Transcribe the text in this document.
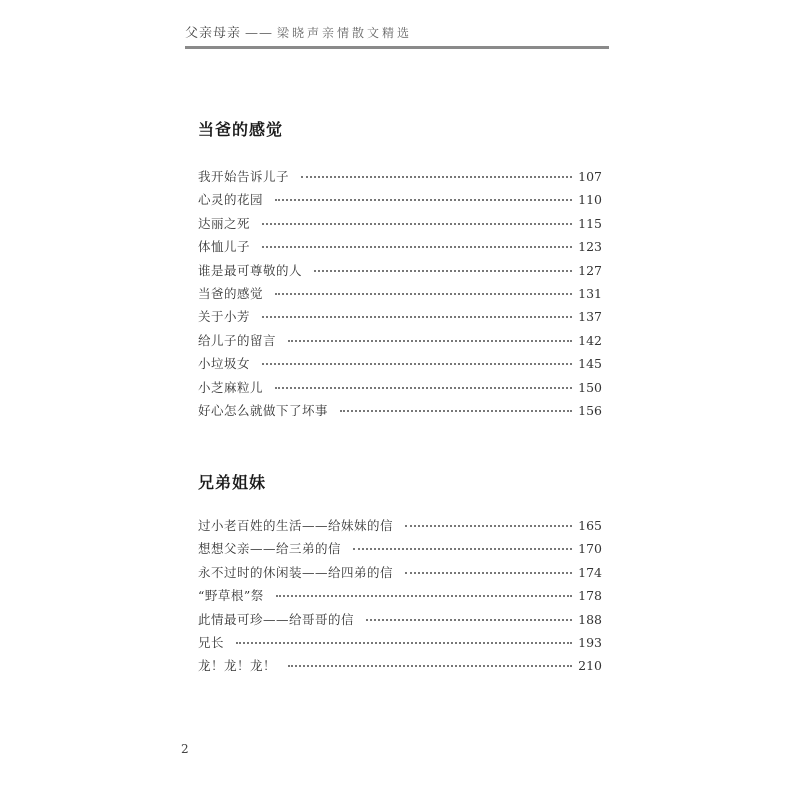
父亲母亲 —— 梁晓声亲情散文精选
当爸的感觉
我开始告诉儿子	107
心灵的花园	110
达丽之死	115
体恤儿子	123
谁是最可尊敬的人	127
当爸的感觉	131
关于小芳	137
给儿子的留言	142
小垃圾女	145
小芝麻粒儿	150
好心怎么就做下了坏事	156
兄弟姐妹
过小老百姓的生活——给妹妹的信	165
想想父亲——给三弟的信	170
永不过时的休闲装——给四弟的信	174
“野草根”祭	178
此情最可珍——给哥哥的信	188
兄长	193
龙！龙！龙！	210
2
